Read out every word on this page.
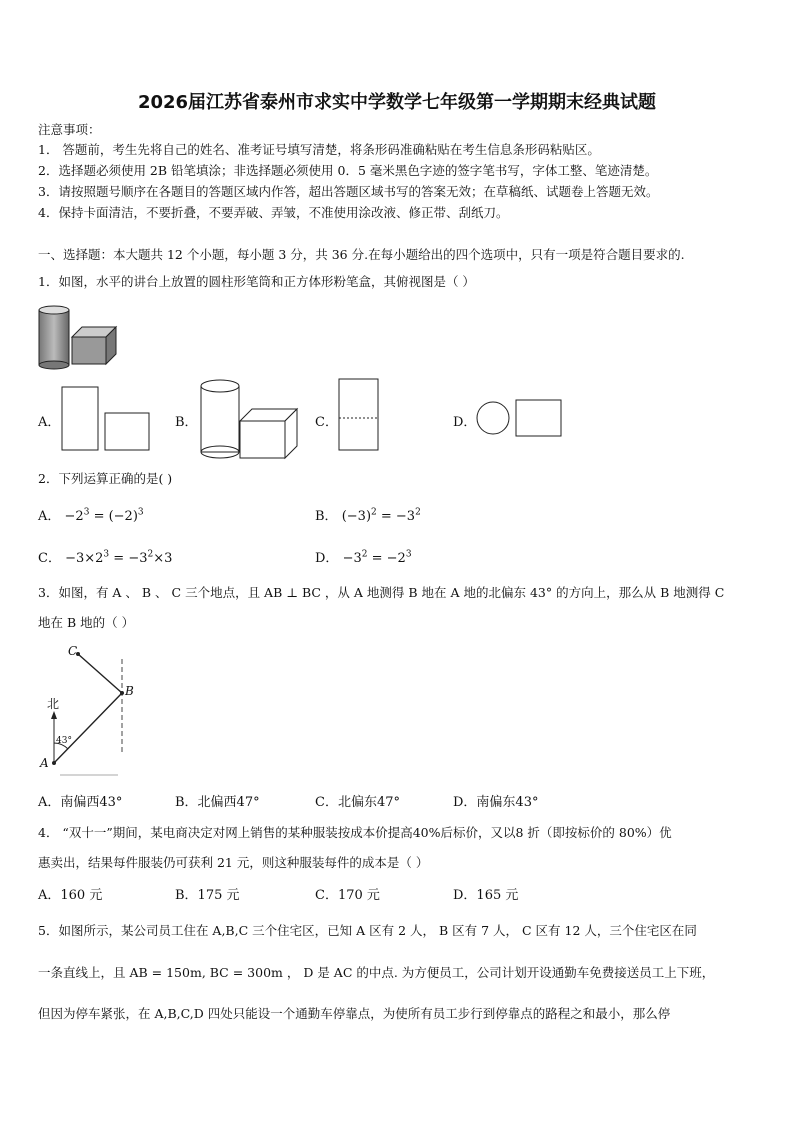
2026届江苏省泰州市求实中学数学七年级第一学期期末经典试题
注意事项：
1． 答题前，考生先将自己的姓名、准考证号填写清楚，将条形码准确粘贴在考生信息条形码粘贴区。
2．选择题必须使用 2B 铅笔填涂；非选择题必须使用 0．5 毫米黑色字迹的签字笔书写，字体工整、笔迹清楚。
3．请按照题号顺序在各题目的答题区域内作答，超出答题区域书写的答案无效；在草稿纸、试题卷上答题无效。
4．保持卡面清洁，不要折叠，不要弄破、弄皱，不准使用涂改液、修正带、刮纸刀。
一、选择题：本大题共 12 个小题，每小题 3 分，共 36 分.在每小题给出的四个选项中，只有一项是符合题目要求的.
1．如图，水平的讲台上放置的圆柱形笔筒和正方体形粉笔盒，其俯视图是（ ）
A．	B．	C．	D．
2．下列运算正确的是( )
A． $-2^3 = (-2)^3$	B． $(-3)^2 = -3^2$
C． $-3\times 2^3 = -3^2\times 3$	D． $-3^2 = -2^3$
3．如图，有 A 、 B 、 C 三个地点，且 AB ⊥ BC ，从 A 地测得 B 地在 A 地的北偏东 43° 的方向上，那么从 B 地测得 C
地在 B 地的（ ）
C
B
A
北
43°
A．南偏西43°	B．北偏西47°	C．北偏东47°	D．南偏东43°
4． “双十一”期间，某电商决定对网上销售的某种服装按成本价提高40%后标价，又以8 折（即按标价的 80%）优
惠卖出，结果每件服装仍可获利 21 元，则这种服装每件的成本是（ ）
A．160 元	B．175 元	C．170 元	D．165 元
5．如图所示，某公司员工住在 A,B,C 三个住宅区，已知 A 区有 2 人， B 区有 7 人， C 区有 12 人，三个住宅区在同
一条直线上，且 AB = 150m, BC = 300m ， D 是 AC 的中点. 为方便员工，公司计划开设通勤车免费接送员工上下班，
但因为停车紧张，在 A,B,C,D 四处只能设一个通勤车停靠点，为使所有员工步行到停靠点的路程之和最小，那么停
